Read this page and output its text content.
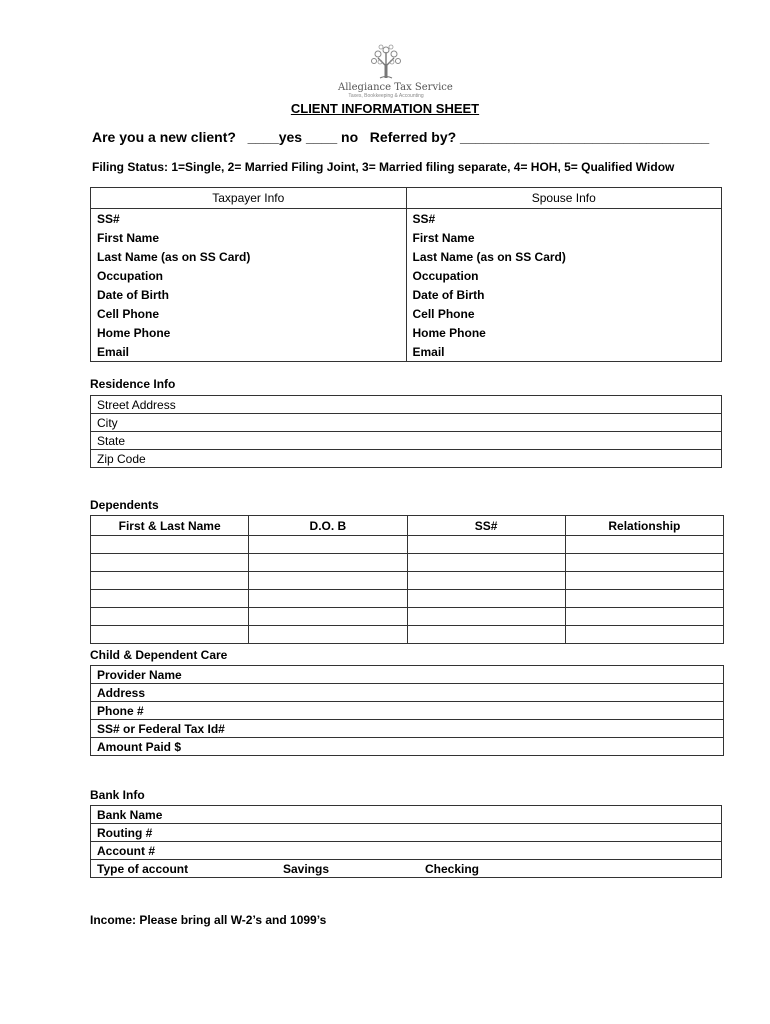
Allegiance Tax Service
Taxes, Bookkeeping & Accounting
CLIENT INFORMATION SHEET
Are you a new client?   ____yes ____ no   Referred by? ________________________________
Filing Status: 1=Single, 2= Married Filing Joint, 3= Married filing separate, 4= HOH, 5= Qualified Widow
Taxpayer Info	Spouse Info
SS#	SS#
First Name	First Name
Last Name (as on SS Card)	Last Name (as on SS Card)
Occupation	Occupation
Date of Birth	Date of Birth
Cell Phone	Cell Phone
Home Phone	Home Phone
Email	Email
Residence Info
Street Address
City
State
Zip Code
Dependents
First & Last Name	D.O. B	SS#	Relationship

Child & Dependent Care
Provider Name
Address
Phone #
SS# or Federal Tax Id#
Amount Paid $
Bank Info
Bank Name
Routing #
Account #
Type of account	Savings	Checking
Income: Please bring all W-2’s and 1099’s
